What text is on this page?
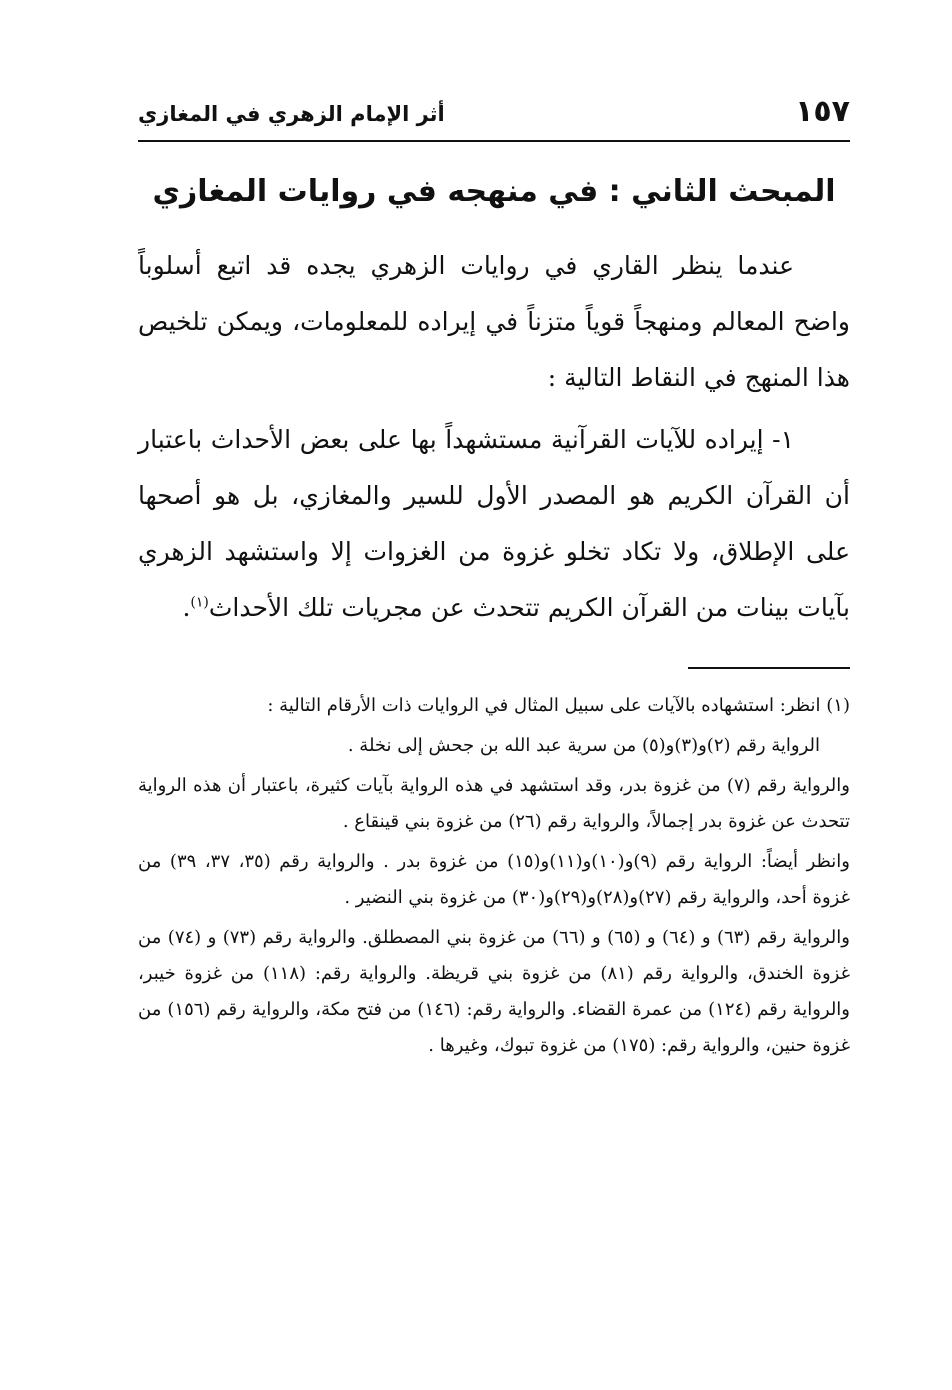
١٥٧
أثر الإمام الزهري في المغازي
المبحث الثاني : في منهجه في روايات المغازي

عندما ينظر القاري في روايات الزهري يجده قد اتبع أسلوباً واضح المعالم ومنهجاً قوياً متزناً في إيراده للمعلومات، ويمكن تلخيص هذا المنهج في النقاط التالية :

١- إيراده للآيات القرآنية مستشهداً بها على بعض الأحداث باعتبار أن القرآن الكريم هو المصدر الأول للسير والمغازي، بل هو أصحها على الإطلاق، ولا تكاد تخلو غزوة من الغزوات إلا واستشهد الزهري بآيات بينات من القرآن الكريم تتحدث عن مجريات تلك الأحداث$^{(١)}$.

(١) انظر: استشهاده بالآيات على سبيل المثال في الروايات ذات الأرقام التالية :

الرواية رقم (٢)و(٣)و(٥) من سرية عبد الله بن جحش إلى نخلة .

والرواية رقم (٧) من غزوة بدر، وقد استشهد في هذه الرواية بآيات كثيرة، باعتبار أن هذه الرواية تتحدث عن غزوة بدر إجمالاً، والرواية رقم (٢٦) من غزوة بني قينقاع .

وانظر أيضاً: الرواية رقم (٩)و(١٠)و(١١)و(١٥) من غزوة بدر . والرواية رقم (٣٥، ٣٧، ٣٩) من غزوة أحد، والرواية رقم (٢٧)و(٢٨)و(٢٩)و(٣٠) من غزوة بني النضير .

والرواية رقم (٦٣) و (٦٤) و (٦٥) و (٦٦) من غزوة بني المصطلق. والرواية رقم (٧٣) و (٧٤) من غزوة الخندق، والرواية رقم (٨١) من غزوة بني قريظة. والرواية رقم: (١١٨) من غزوة خيبر، والرواية رقم (١٢٤) من عمرة القضاء. والرواية رقم: (١٤٦) من فتح مكة، والرواية رقم (١٥٦) من غزوة حنين، والرواية رقم: (١٧٥) من غزوة تبوك، وغيرها .
